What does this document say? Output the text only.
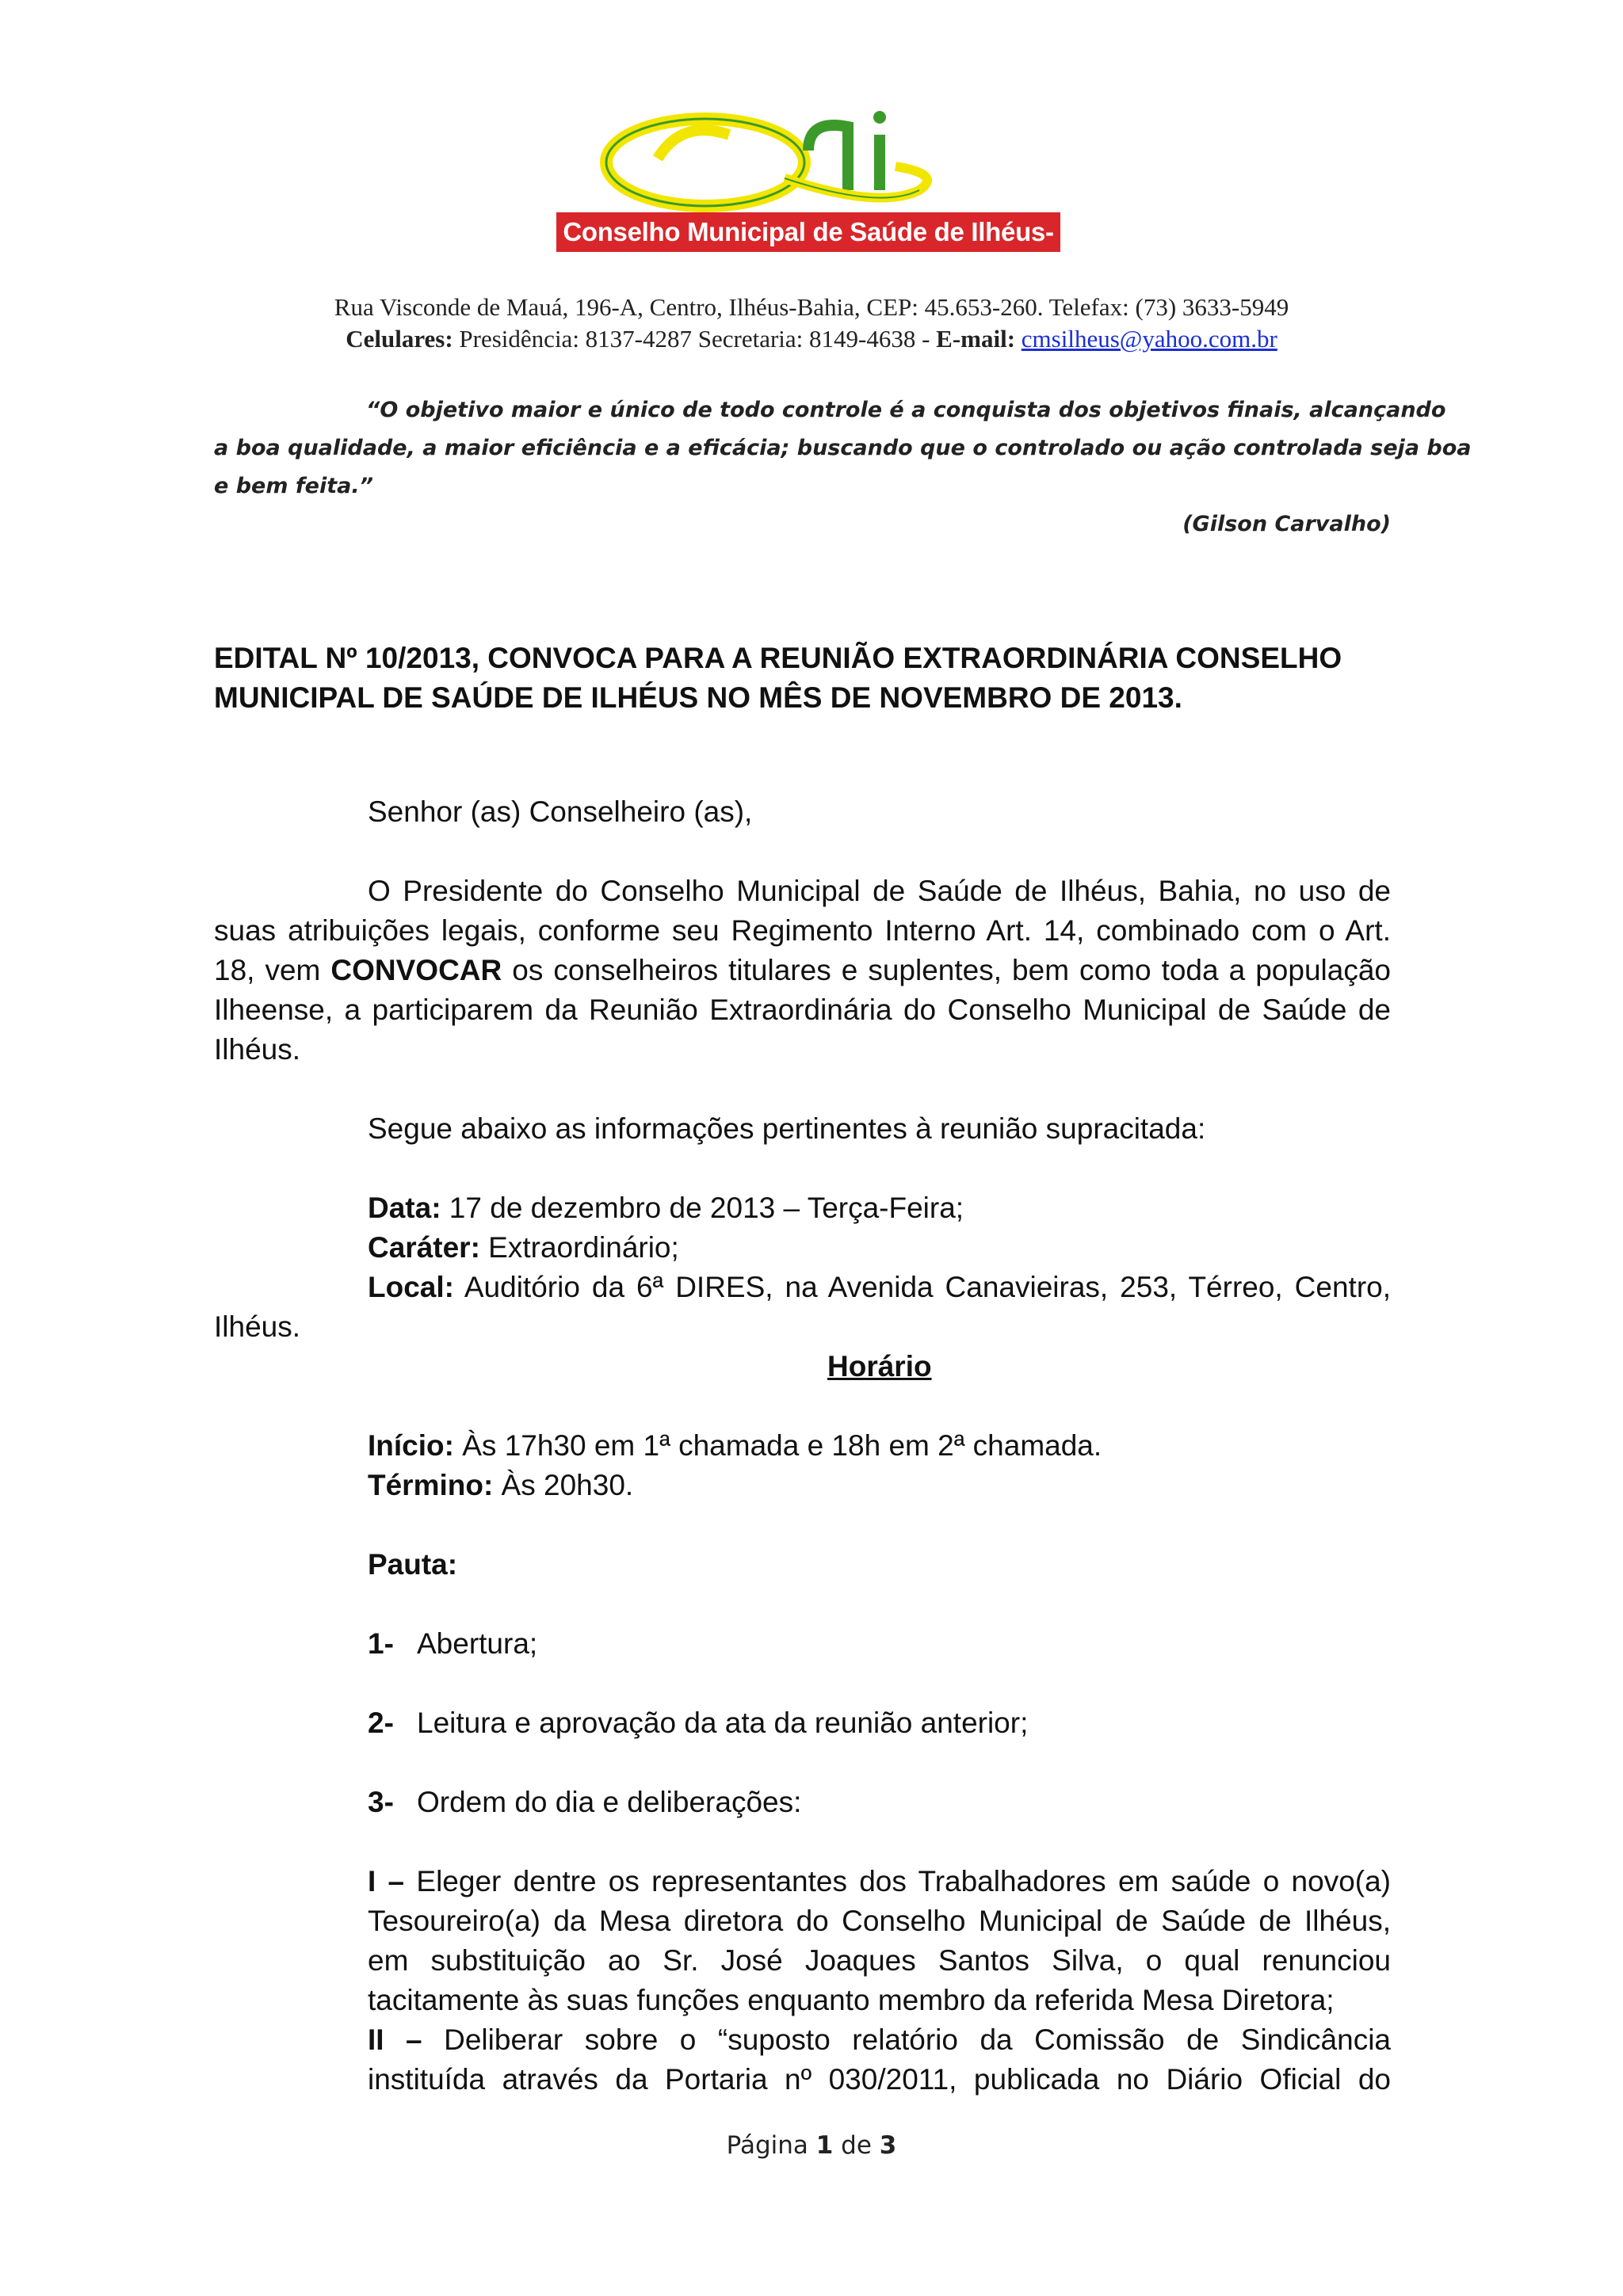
Conselho Municipal de Saúde de Ilhéus-Bahia
Rua Visconde de Mauá, 196-A, Centro, Ilhéus-Bahia, CEP: 45.653-260. Telefax: (73) 3633-5949
Celulares: Presidência: 8137-4287 Secretaria: 8149-4638 - E-mail: cmsilheus@yahoo.com.br
“O objetivo maior e único de todo controle é a conquista dos objetivos finais, alcançando
a boa qualidade, a maior eficiência e a eficácia; buscando que o controlado ou ação controlada seja boa
e bem feita.”
(Gilson Carvalho)
EDITAL Nº 10/2013, CONVOCA PARA A REUNIÃO EXTRAORDINÁRIA CONSELHO
MUNICIPAL DE SAÚDE DE ILHÉUS NO MÊS DE NOVEMBRO DE 2013.
Senhor (as) Conselheiro (as),
O Presidente do Conselho Municipal de Saúde de Ilhéus, Bahia, no uso de
suas atribuições legais, conforme seu Regimento Interno Art. 14, combinado com o Art.
18, vem CONVOCAR os conselheiros titulares e suplentes, bem como toda a população
Ilheense, a participarem da Reunião Extraordinária do Conselho Municipal de Saúde de
Ilhéus.
Segue abaixo as informações pertinentes à reunião supracitada:
Data: 17 de dezembro de 2013 – Terça-Feira;
Caráter: Extraordinário;
Local: Auditório da 6ª DIRES, na Avenida Canavieiras, 253, Térreo, Centro,
Ilhéus.
Horário
Início: Às 17h30 em 1ª chamada e 18h em 2ª chamada.
Término: Às 20h30.
Pauta:
1- Abertura;
2- Leitura e aprovação da ata da reunião anterior;
3- Ordem do dia e deliberações:
I – Eleger dentre os representantes dos Trabalhadores em saúde o novo(a)
Tesoureiro(a) da Mesa diretora do Conselho Municipal de Saúde de Ilhéus,
em substituição ao Sr. José Joaques Santos Silva, o qual renunciou
tacitamente às suas funções enquanto membro da referida Mesa Diretora;
II – Deliberar sobre o “suposto relatório da Comissão de Sindicância
instituída através da Portaria nº 030/2011, publicada no Diário Oficial do
Página 1 de 3
